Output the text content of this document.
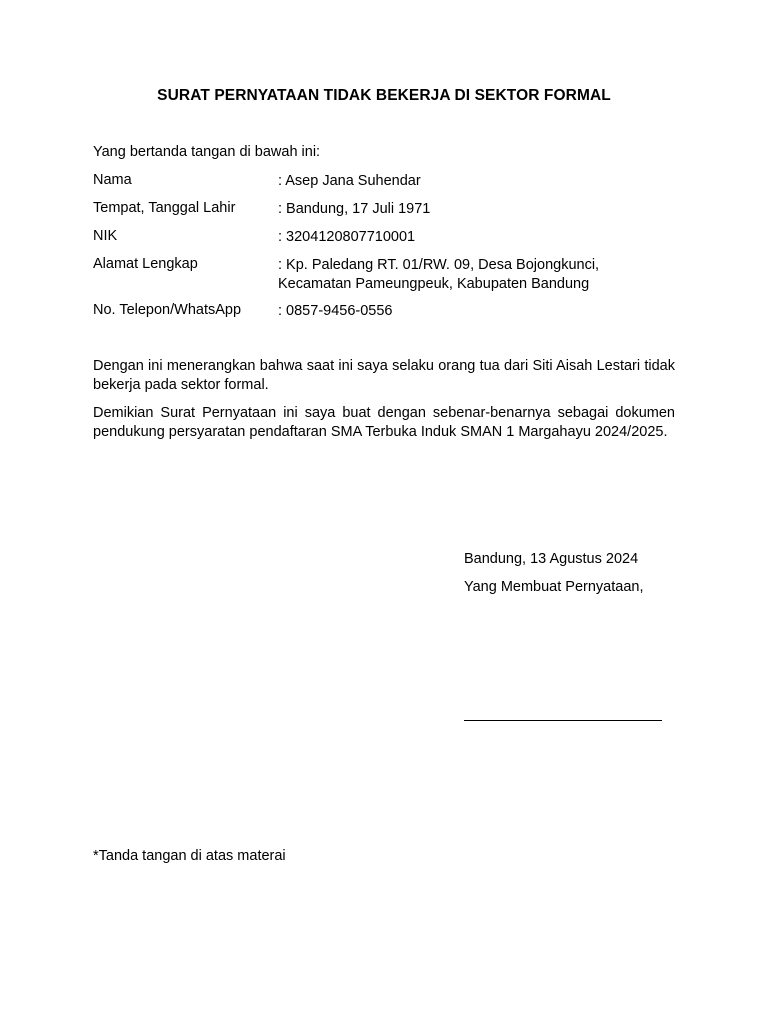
SURAT PERNYATAAN TIDAK BEKERJA DI SEKTOR FORMAL
Yang bertanda tangan di bawah ini:
Nama	: Asep Jana Suhendar
Tempat, Tanggal Lahir	: Bandung, 17 Juli 1971
NIK	: 3204120807710001
Alamat Lengkap	: Kp. Paledang RT. 01/RW. 09, Desa Bojongkunci,
Kecamatan Pameungpeuk, Kabupaten Bandung
No. Telepon/WhatsApp	: 0857-9456-0556
Dengan ini menerangkan bahwa saat ini saya selaku orang tua dari Siti Aisah Lestari tidak bekerja pada sektor formal.
Demikian Surat Pernyataan ini saya buat dengan sebenar-benarnya sebagai dokumen pendukung persyaratan pendaftaran SMA Terbuka Induk SMAN 1 Margahayu 2024/2025.
Bandung, 13 Agustus 2024
Yang Membuat Pernyataan,
*Tanda tangan di atas materai
